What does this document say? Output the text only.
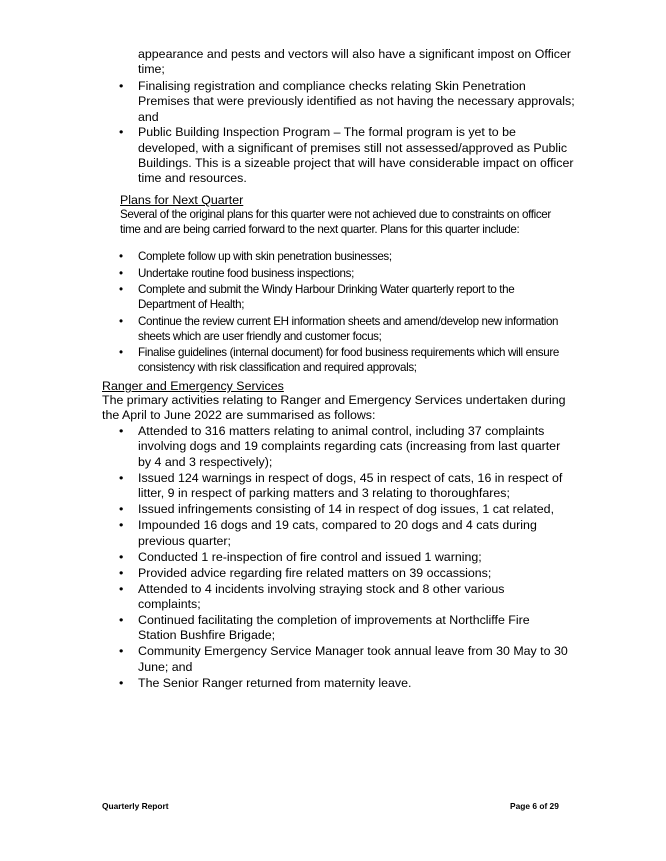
appearance and pests and vectors will also have a significant impost on Officer time;

• Finalising registration and compliance checks relating Skin Penetration Premises that were previously identified as not having the necessary approvals; and
• Public Building Inspection Program – The formal program is yet to be developed, with a significant of premises still not assessed/approved as Public Buildings. This is a sizeable project that will have considerable impact on officer time and resources.
Plans for Next Quarter

Several of the original plans for this quarter were not achieved due to constraints on officer time and are being carried forward to the next quarter. Plans for this quarter include:

• Complete follow up with skin penetration businesses;
• Undertake routine food business inspections;
• Complete and submit the Windy Harbour Drinking Water quarterly report to the Department of Health;
• Continue the review current EH information sheets and amend/develop new information sheets which are user friendly and customer focus;
• Finalise guidelines (internal document) for food business requirements which will ensure consistency with risk classification and required approvals;
Ranger and Emergency Services

The primary activities relating to Ranger and Emergency Services undertaken during the April to June 2022 are summarised as follows:

• Attended to 316 matters relating to animal control, including 37 complaints involving dogs and 19 complaints regarding cats (increasing from last quarter by 4 and 3 respectively);
• Issued 124 warnings in respect of dogs, 45 in respect of cats, 16 in respect of litter, 9 in respect of parking matters and 3 relating to thoroughfares;
• Issued infringements consisting of 14 in respect of dog issues, 1 cat related,
• Impounded 16 dogs and 19 cats, compared to 20 dogs and 4 cats during previous quarter;
• Conducted 1 re-inspection of fire control and issued 1 warning;
• Provided advice regarding fire related matters on 39 occassions;
• Attended to 4 incidents involving straying stock and 8 other various complaints;
• Continued facilitating the completion of improvements at Northcliffe Fire Station Bushfire Brigade;
• Community Emergency Service Manager took annual leave from 30 May to 30 June; and
• The Senior Ranger returned from maternity leave.
Quarterly Report	Page 6 of 29
